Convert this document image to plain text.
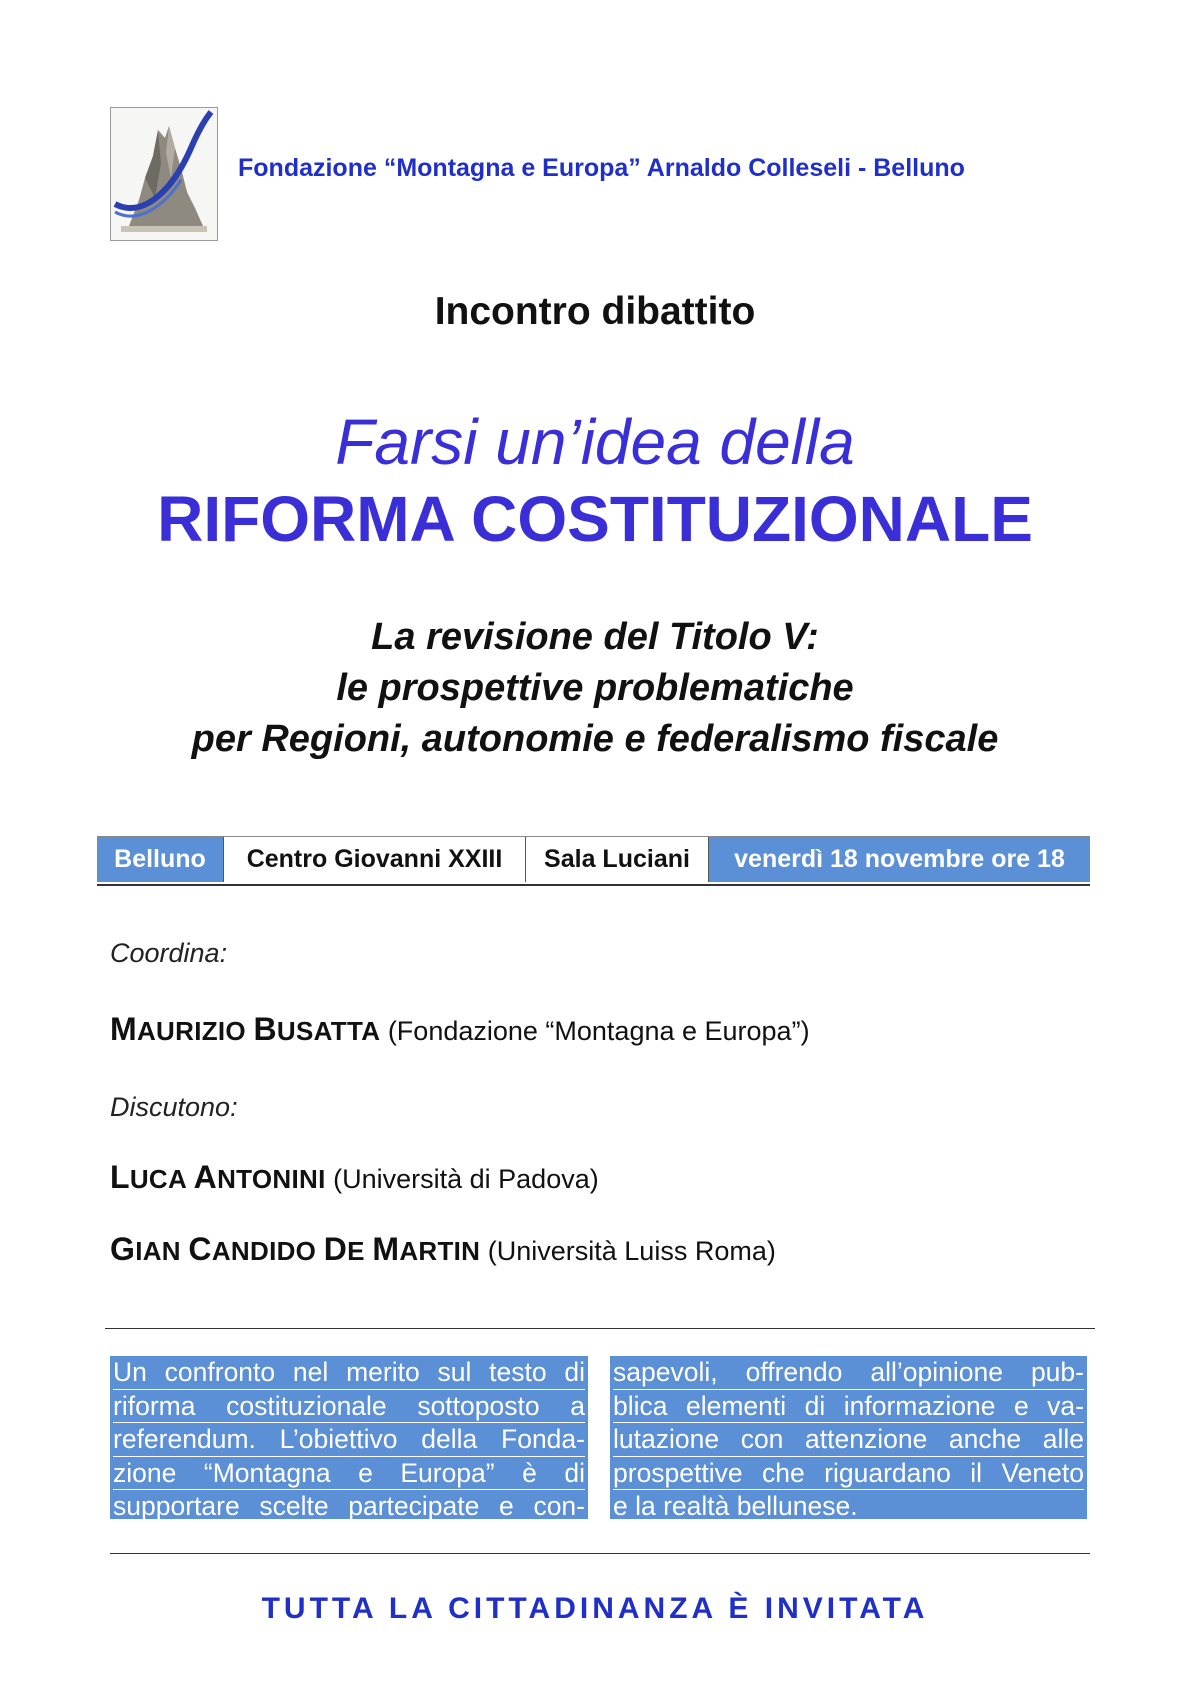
Fondazione “Montagna e Europa” Arnaldo Colleseli - Belluno
Incontro dibattito
Farsi un’idea della
RIFORMA COSTITUZIONALE
La revisione del Titolo V:
le prospettive problematiche
per Regioni, autonomie e federalismo fiscale
Belluno	Centro Giovanni XXIII	Sala Luciani	venerdì 18 novembre ore 18
Coordina:
MAURIZIO BUSATTA (Fondazione “Montagna e Europa”)
Discutono:
LUCA ANTONINI (Università di Padova)
GIAN CANDIDO DE MARTIN (Università Luiss Roma)
Un confronto nel merito sul testo di
riforma costituzionale sottoposto a
referendum. L’obiettivo della Fonda-
zione “Montagna e Europa” è di
supportare scelte partecipate e con-
sapevoli, offrendo all’opinione pub-
blica elementi di informazione e va-
lutazione con attenzione anche alle
prospettive che riguardano il Veneto
e la realtà bellunese.
TUTTA LA CITTADINANZA È INVITATA
